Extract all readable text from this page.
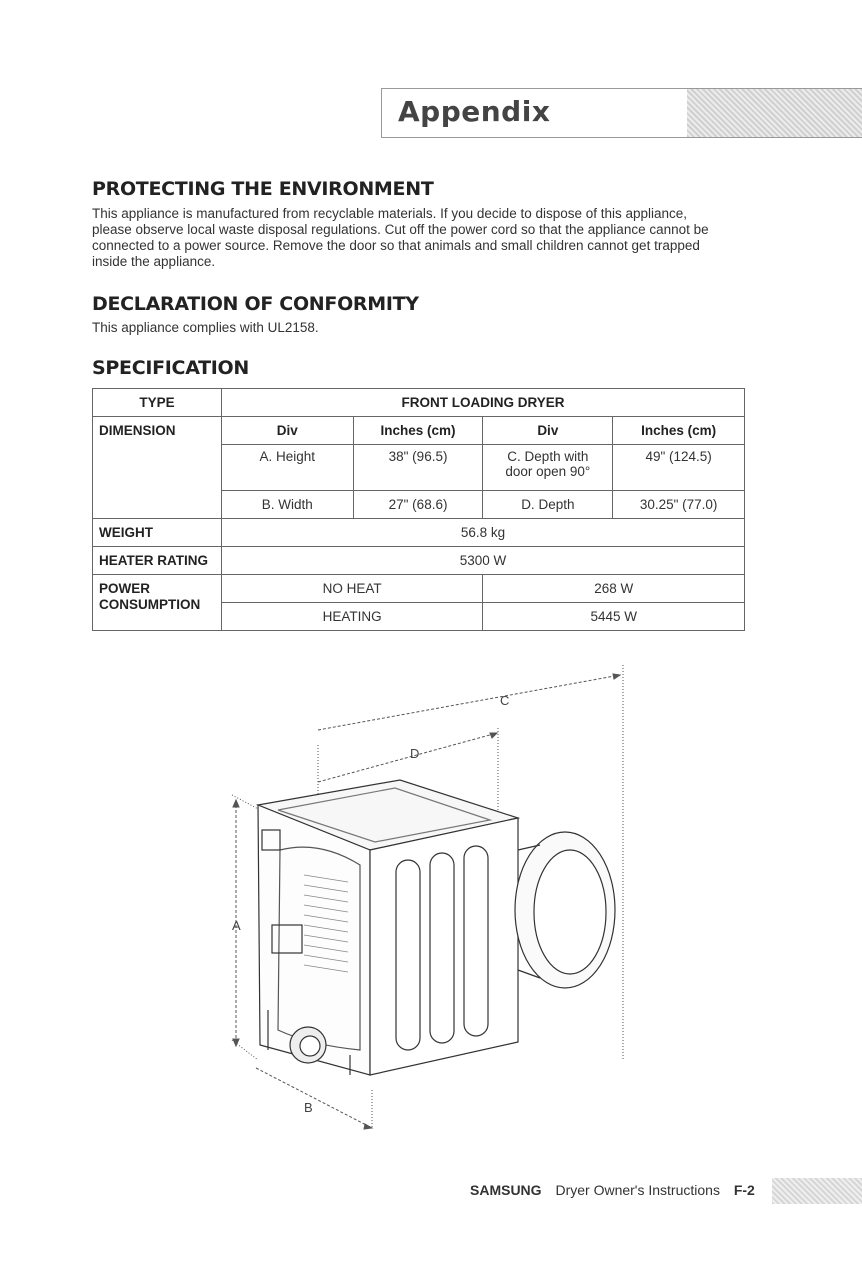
Appendix
PROTECTING THE ENVIRONMENT

This appliance is manufactured from recyclable materials. If you decide to dispose of this appliance,
please observe local waste disposal regulations. Cut off the power cord so that the appliance cannot be
connected to a power source. Remove the door so that animals and small children cannot get trapped
inside the appliance.

DECLARATION OF CONFORMITY

This appliance complies with UL2158.

SPECIFICATION
TYPE	FRONT LOADING DRYER			
DIMENSION	Div	Inches (cm)	Div	Inches (cm)
	A. Height	38" (96.5)	C. Depth with door open 90°	49" (124.5)
	B. Width	27" (68.6)	D. Depth	30.25" (77.0)
WEIGHT	56.8 kg			
HEATER RATING	5300 W			
POWER CONSUMPTION	NO HEAT		268 W	
	HEATING		5445 W	
C
D
A
B
SAMSUNG Dryer Owner's Instructions F-2
